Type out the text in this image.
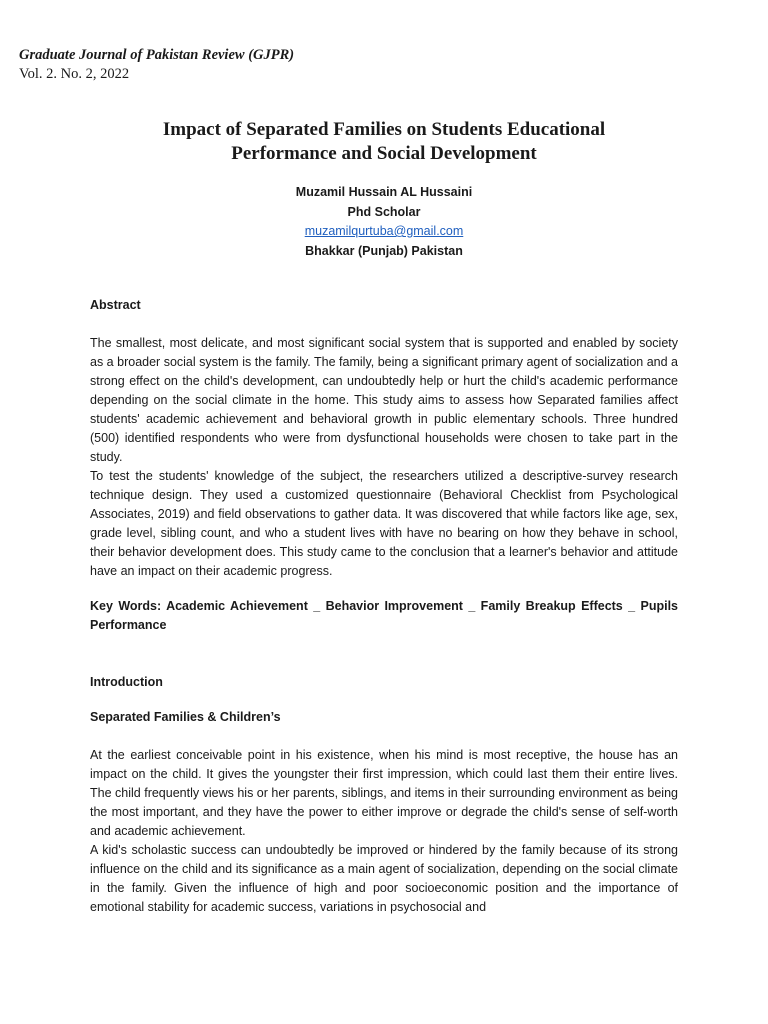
Graduate Journal of Pakistan Review (GJPR)
Vol. 2. No. 2, 2022
Impact of Separated Families on Students Educational
Performance and Social Development
Muzamil Hussain AL Hussaini
Phd Scholar
muzamilqurtuba@gmail.com
Bhakkar (Punjab) Pakistan
Abstract

The smallest, most delicate, and most significant social system that is supported and enabled by society as a broader social system is the family. The family, being a significant primary agent of socialization and a strong effect on the child's development, can undoubtedly help or hurt the child's academic performance depending on the social climate in the home. This study aims to assess how Separated families affect students' academic achievement and behavioral growth in public elementary schools. Three hundred (500) identified respondents who were from dysfunctional households were chosen to take part in the study.

To test the students' knowledge of the subject, the researchers utilized a descriptive-survey research technique design. They used a customized questionnaire (Behavioral Checklist from Psychological Associates, 2019) and field observations to gather data. It was discovered that while factors like age, sex, grade level, sibling count, and who a student lives with have no bearing on how they behave in school, their behavior development does. This study came to the conclusion that a learner's behavior and attitude have an impact on their academic progress.

Key Words: Academic Achievement _ Behavior Improvement _ Family Breakup Effects _ Pupils Performance

Introduction
Separated Families & Children’s

At the earliest conceivable point in his existence, when his mind is most receptive, the house has an impact on the child. It gives the youngster their first impression, which could last them their entire lives. The child frequently views his or her parents, siblings, and items in their surrounding environment as being the most important, and they have the power to either improve or degrade the child's sense of self-worth and academic achievement.

A kid's scholastic success can undoubtedly be improved or hindered by the family because of its strong influence on the child and its significance as a main agent of socialization, depending on the social climate in the family. Given the influence of high and poor socioeconomic position and the importance of emotional stability for academic success, variations in psychosocial and
